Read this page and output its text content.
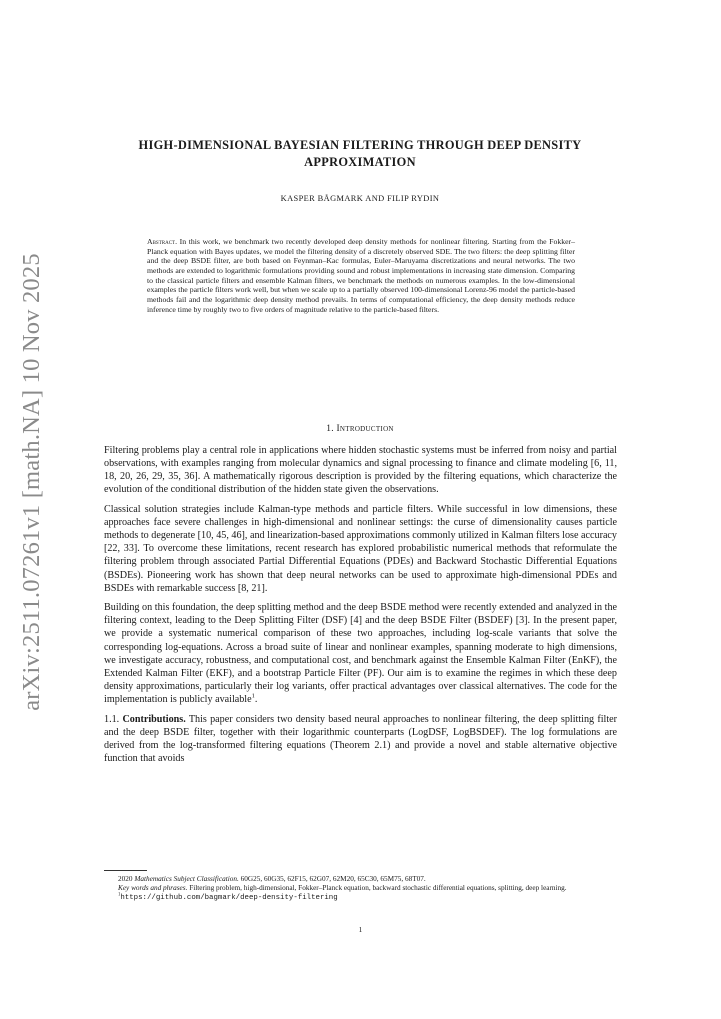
arXiv:2511.07261v1 [math.NA] 10 Nov 2025
HIGH-DIMENSIONAL BAYESIAN FILTERING THROUGH DEEP DENSITY APPROXIMATION
KASPER BÅGMARK AND FILIP RYDIN
Abstract. In this work, we benchmark two recently developed deep density methods for nonlinear filtering. Starting from the Fokker–Planck equation with Bayes updates, we model the filtering density of a discretely observed SDE. The two filters: the deep splitting filter and the deep BSDE filter, are both based on Feynman–Kac formulas, Euler–Maruyama discretizations and neural networks. The two methods are extended to logarithmic formulations providing sound and robust implementations in increasing state dimension. Comparing to the classical particle filters and ensemble Kalman filters, we benchmark the methods on numerous examples. In the low-dimensional examples the particle filters work well, but when we scale up to a partially observed 100-dimensional Lorenz-96 model the particle-based methods fail and the logarithmic deep density method prevails. In terms of computational efficiency, the deep density methods reduce inference time by roughly two to five orders of magnitude relative to the particle-based filters.
1. Introduction

Filtering problems play a central role in applications where hidden stochastic systems must be inferred from noisy and partial observations, with examples ranging from molecular dynamics and signal processing to finance and climate modeling [6, 11, 18, 20, 26, 29, 35, 36]. A mathematically rigorous description is provided by the filtering equations, which characterize the evolution of the conditional distribution of the hidden state given the observations.

Classical solution strategies include Kalman-type methods and particle filters. While successful in low dimensions, these approaches face severe challenges in high-dimensional and nonlinear settings: the curse of dimensionality causes particle methods to degenerate [10, 45, 46], and linearization-based approximations commonly utilized in Kalman filters lose accuracy [22, 33]. To overcome these limitations, recent research has explored probabilistic numerical methods that reformulate the filtering problem through associated Partial Differential Equations (PDEs) and Backward Stochastic Differential Equations (BSDEs). Pioneering work has shown that deep neural networks can be used to approximate high-dimensional PDEs and BSDEs with remarkable success [8, 21].

Building on this foundation, the deep splitting method and the deep BSDE method were recently extended and analyzed in the filtering context, leading to the Deep Splitting Filter (DSF) [4] and the deep BSDE Filter (BSDEF) [3]. In the present paper, we provide a systematic numerical comparison of these two approaches, including log-scale variants that solve the corresponding log-equations. Across a broad suite of linear and nonlinear examples, spanning moderate to high dimensions, we investigate accuracy, robustness, and computational cost, and benchmark against the Ensemble Kalman Filter (EnKF), the Extended Kalman Filter (EKF), and a bootstrap Particle Filter (PF). Our aim is to examine the regimes in which these deep density approximations, particularly their log variants, offer practical advantages over classical alternatives. The code for the implementation is publicly available$^1$.

1.1. Contributions. This paper considers two density based neural approaches to nonlinear filtering, the deep splitting filter and the deep BSDE filter, together with their logarithmic counterparts (LogDSF, LogBSDEF). The log formulations are derived from the log-transformed filtering equations (Theorem 2.1) and provide a novel and stable alternative objective function that avoids

2020 Mathematics Subject Classification. 60G25, 60G35, 62F15, 62G07, 62M20, 65C30, 65M75, 68T07.

Key words and phrases. Filtering problem, high-dimensional, Fokker–Planck equation, backward stochastic differential equations, splitting, deep learning.

$^1$https://github.com/bagmark/deep-density-filtering

1
